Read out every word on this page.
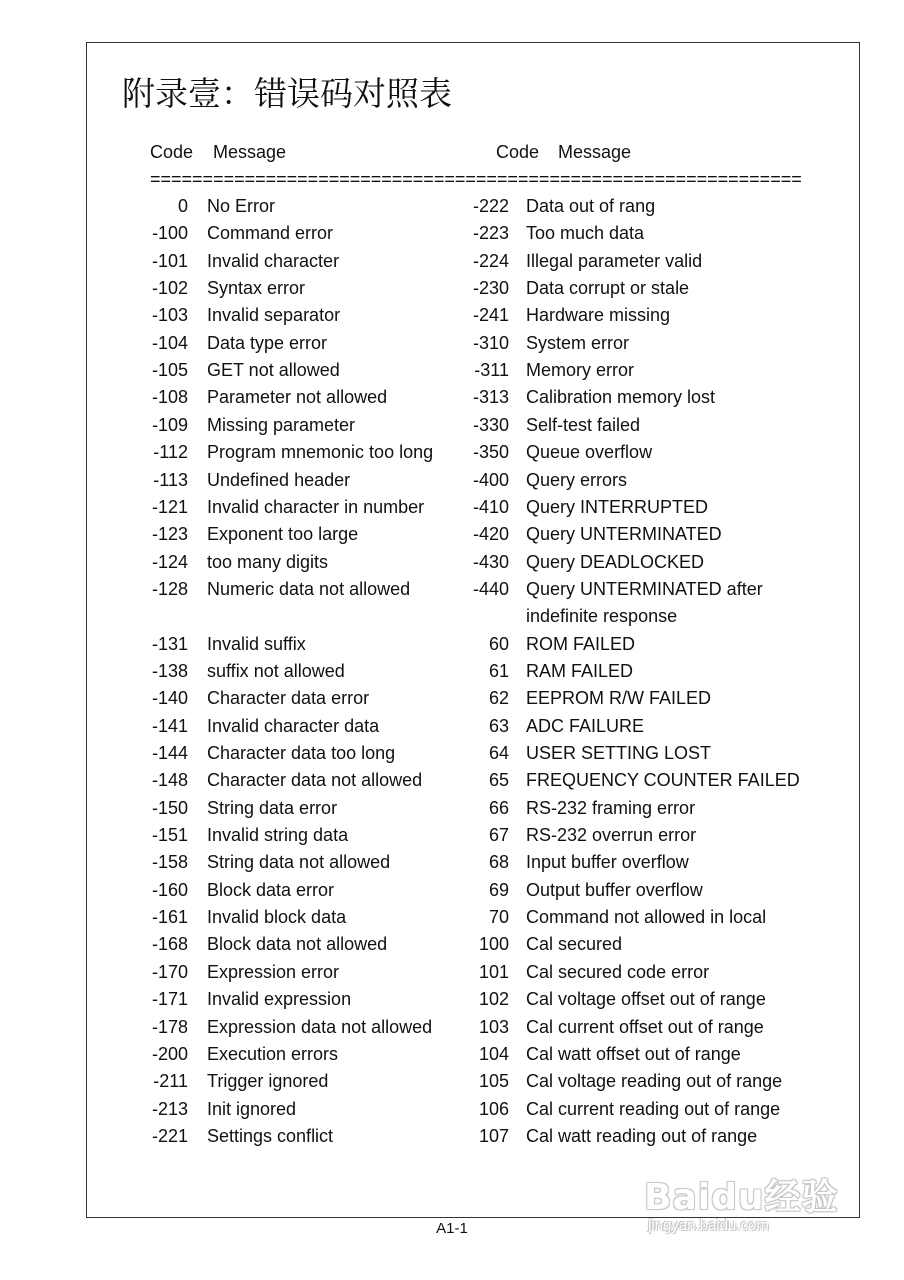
附录壹：错误码对照表
Code Message	Code Message
==============================================================
0 No Error
-100 Command error
-101 Invalid character
-102 Syntax error
-103 Invalid separator
-104 Data type error
-105 GET not allowed
-108 Parameter not allowed
-109 Missing parameter
-112 Program mnemonic too long
-113 Undefined header
-121 Invalid character in number
-123 Exponent too large
-124 too many digits
-128 Numeric data not allowed
-131 Invalid suffix
-138 suffix not allowed
-140 Character data error
-141 Invalid character data
-144 Character data too long
-148 Character data not allowed
-150 String data error
-151 Invalid string data
-158 String data not allowed
-160 Block data error
-161 Invalid block data
-168 Block data not allowed
-170 Expression error
-171 Invalid expression
-178 Expression data not allowed
-200 Execution errors
-211 Trigger ignored
-213 Init ignored
-221 Settings conflict
-222 Data out of rang
-223 Too much data
-224 Illegal parameter valid
-230 Data corrupt or stale
-241 Hardware missing
-310 System error
-311 Memory error
-313 Calibration memory lost
-330 Self-test failed
-350 Queue overflow
-400 Query errors
-410 Query INTERRUPTED
-420 Query UNTERMINATED
-430 Query DEADLOCKED
-440 Query UNTERMINATED after
indefinite response
60 ROM FAILED
61 RAM FAILED
62 EEPROM R/W FAILED
63 ADC FAILURE
64 USER SETTING LOST
65 FREQUENCY COUNTER FAILED
66 RS-232 framing error
67 RS-232 overrun error
68 Input buffer overflow
69 Output buffer overflow
70 Command not allowed in local
100 Cal secured
101 Cal secured code error
102 Cal voltage offset out of range
103 Cal current offset out of range
104 Cal watt offset out of range
105 Cal voltage reading out of range
106 Cal current reading out of range
107 Cal watt reading out of range
A1-1
Baidu经验
jingyan.baidu.com
